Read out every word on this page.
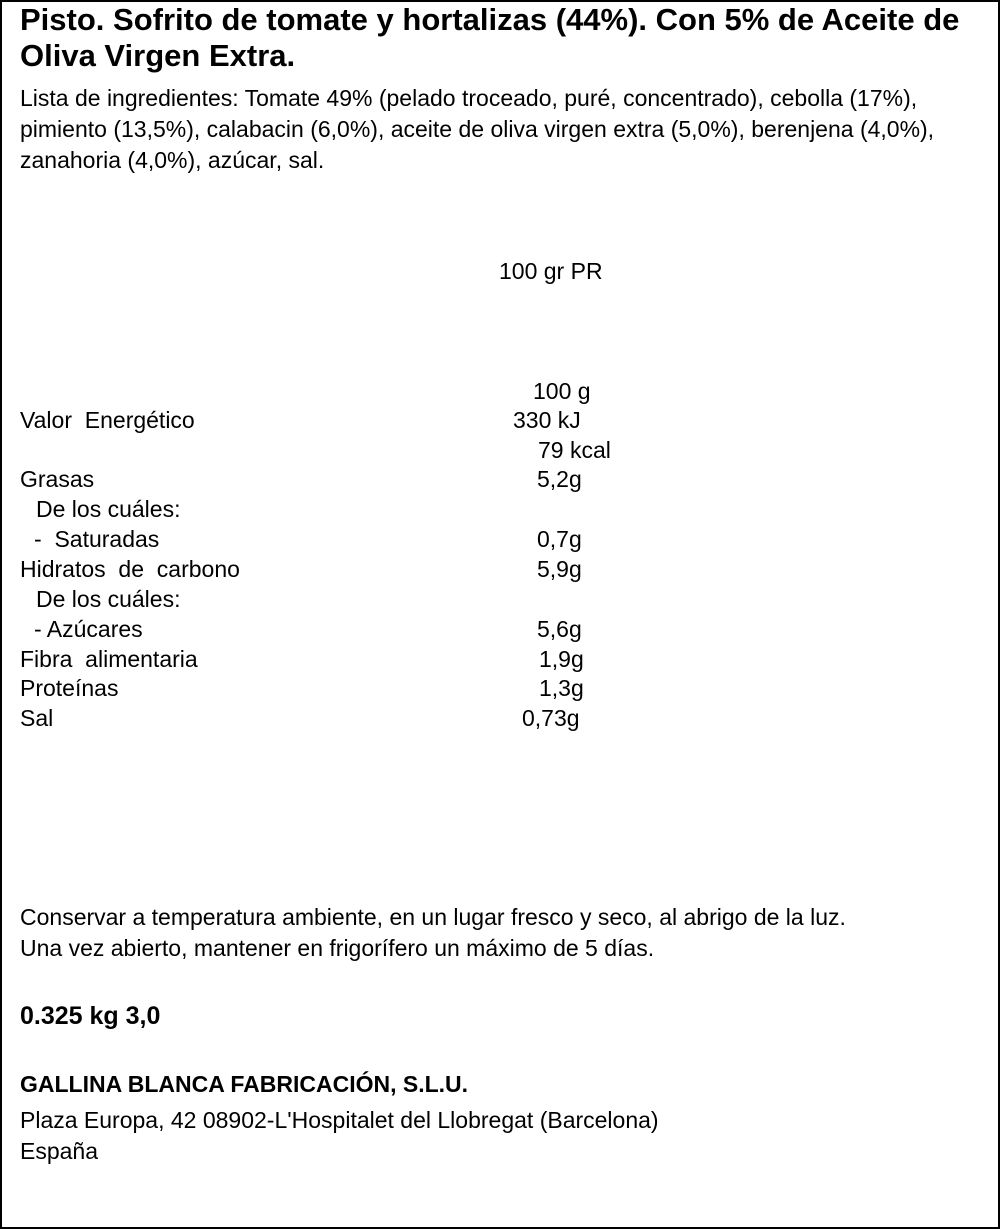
Pisto. Sofrito de tomate y hortalizas (44%). Con 5% de Aceite de Oliva Virgen Extra.
Lista de ingredientes: Tomate 49% (pelado troceado, puré, concentrado), cebolla (17%), pimiento (13,5%), calabacin (6,0%), aceite de oliva virgen extra (5,0%), berenjena (4,0%), zanahoria (4,0%), azúcar, sal.
100 gr PR
100 g
Valor  Energético	330 kJ
79 kcal
Grasas	5,2g
De los cuáles:
-  Saturadas	0,7g
Hidratos  de  carbono	5,9g
De los cuáles:
- Azúcares	5,6g
Fibra  alimentaria	1,9g
Proteínas	1,3g
Sal	0,73g
Conservar a temperatura ambiente, en un lugar fresco y seco, al abrigo de la luz.
Una vez abierto, mantener en frigorífero un máximo de 5 días.
0.325 kg 3,0
GALLINA BLANCA FABRICACIÓN, S.L.U.
Plaza Europa, 42 08902-L'Hospitalet del Llobregat (Barcelona)
España
